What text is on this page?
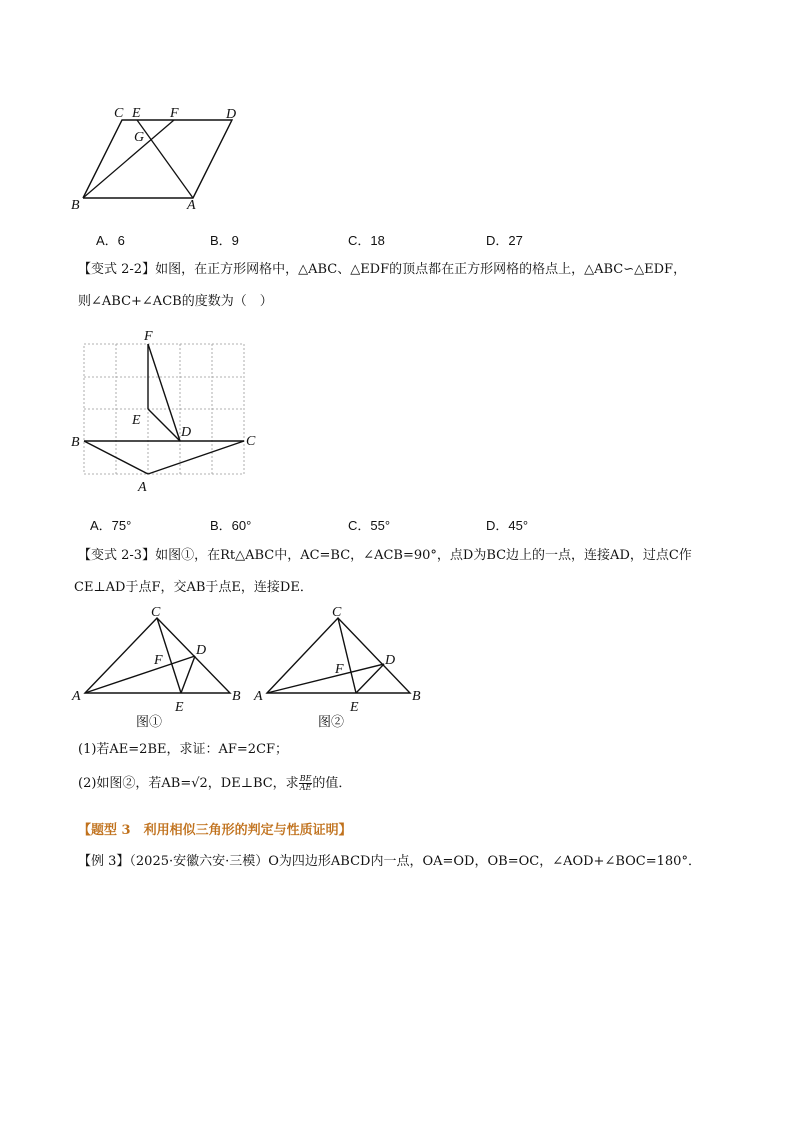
C E F	D
G
B	A
A．6	B．9	C．18	D．27
【变式 2-2】如图，在正方形网格中，△ABC、△EDF的顶点都在正方形网格的格点上，△ABC∽△EDF，
则∠ABC+∠ACB的度数为（　）
F
E
D
B	C
A
A．75°	B．60°	C．55°	D．45°
【变式 2-3】如图①，在Rt△ABC中，AC=BC，∠ACB=90°，点D为BC边上的一点，连接AD，过点C作
CE⊥AD于点F，交AB于点E，连接DE．
C
D
F
A
E
B
图①
C
D
F
A
E
B
图②
(1)若AE=2BE，求证：AF=2CF；
(2)如图②，若AB=√2，DE⊥BC，求 $\frac{BE}{AE}$ 的值．
【题型 3　利用相似三角形的判定与性质证明】
【例 3】（2025·安徽六安·三模）O为四边形ABCD内一点，OA=OD，OB=OC，∠AOD+∠BOC=180°．
